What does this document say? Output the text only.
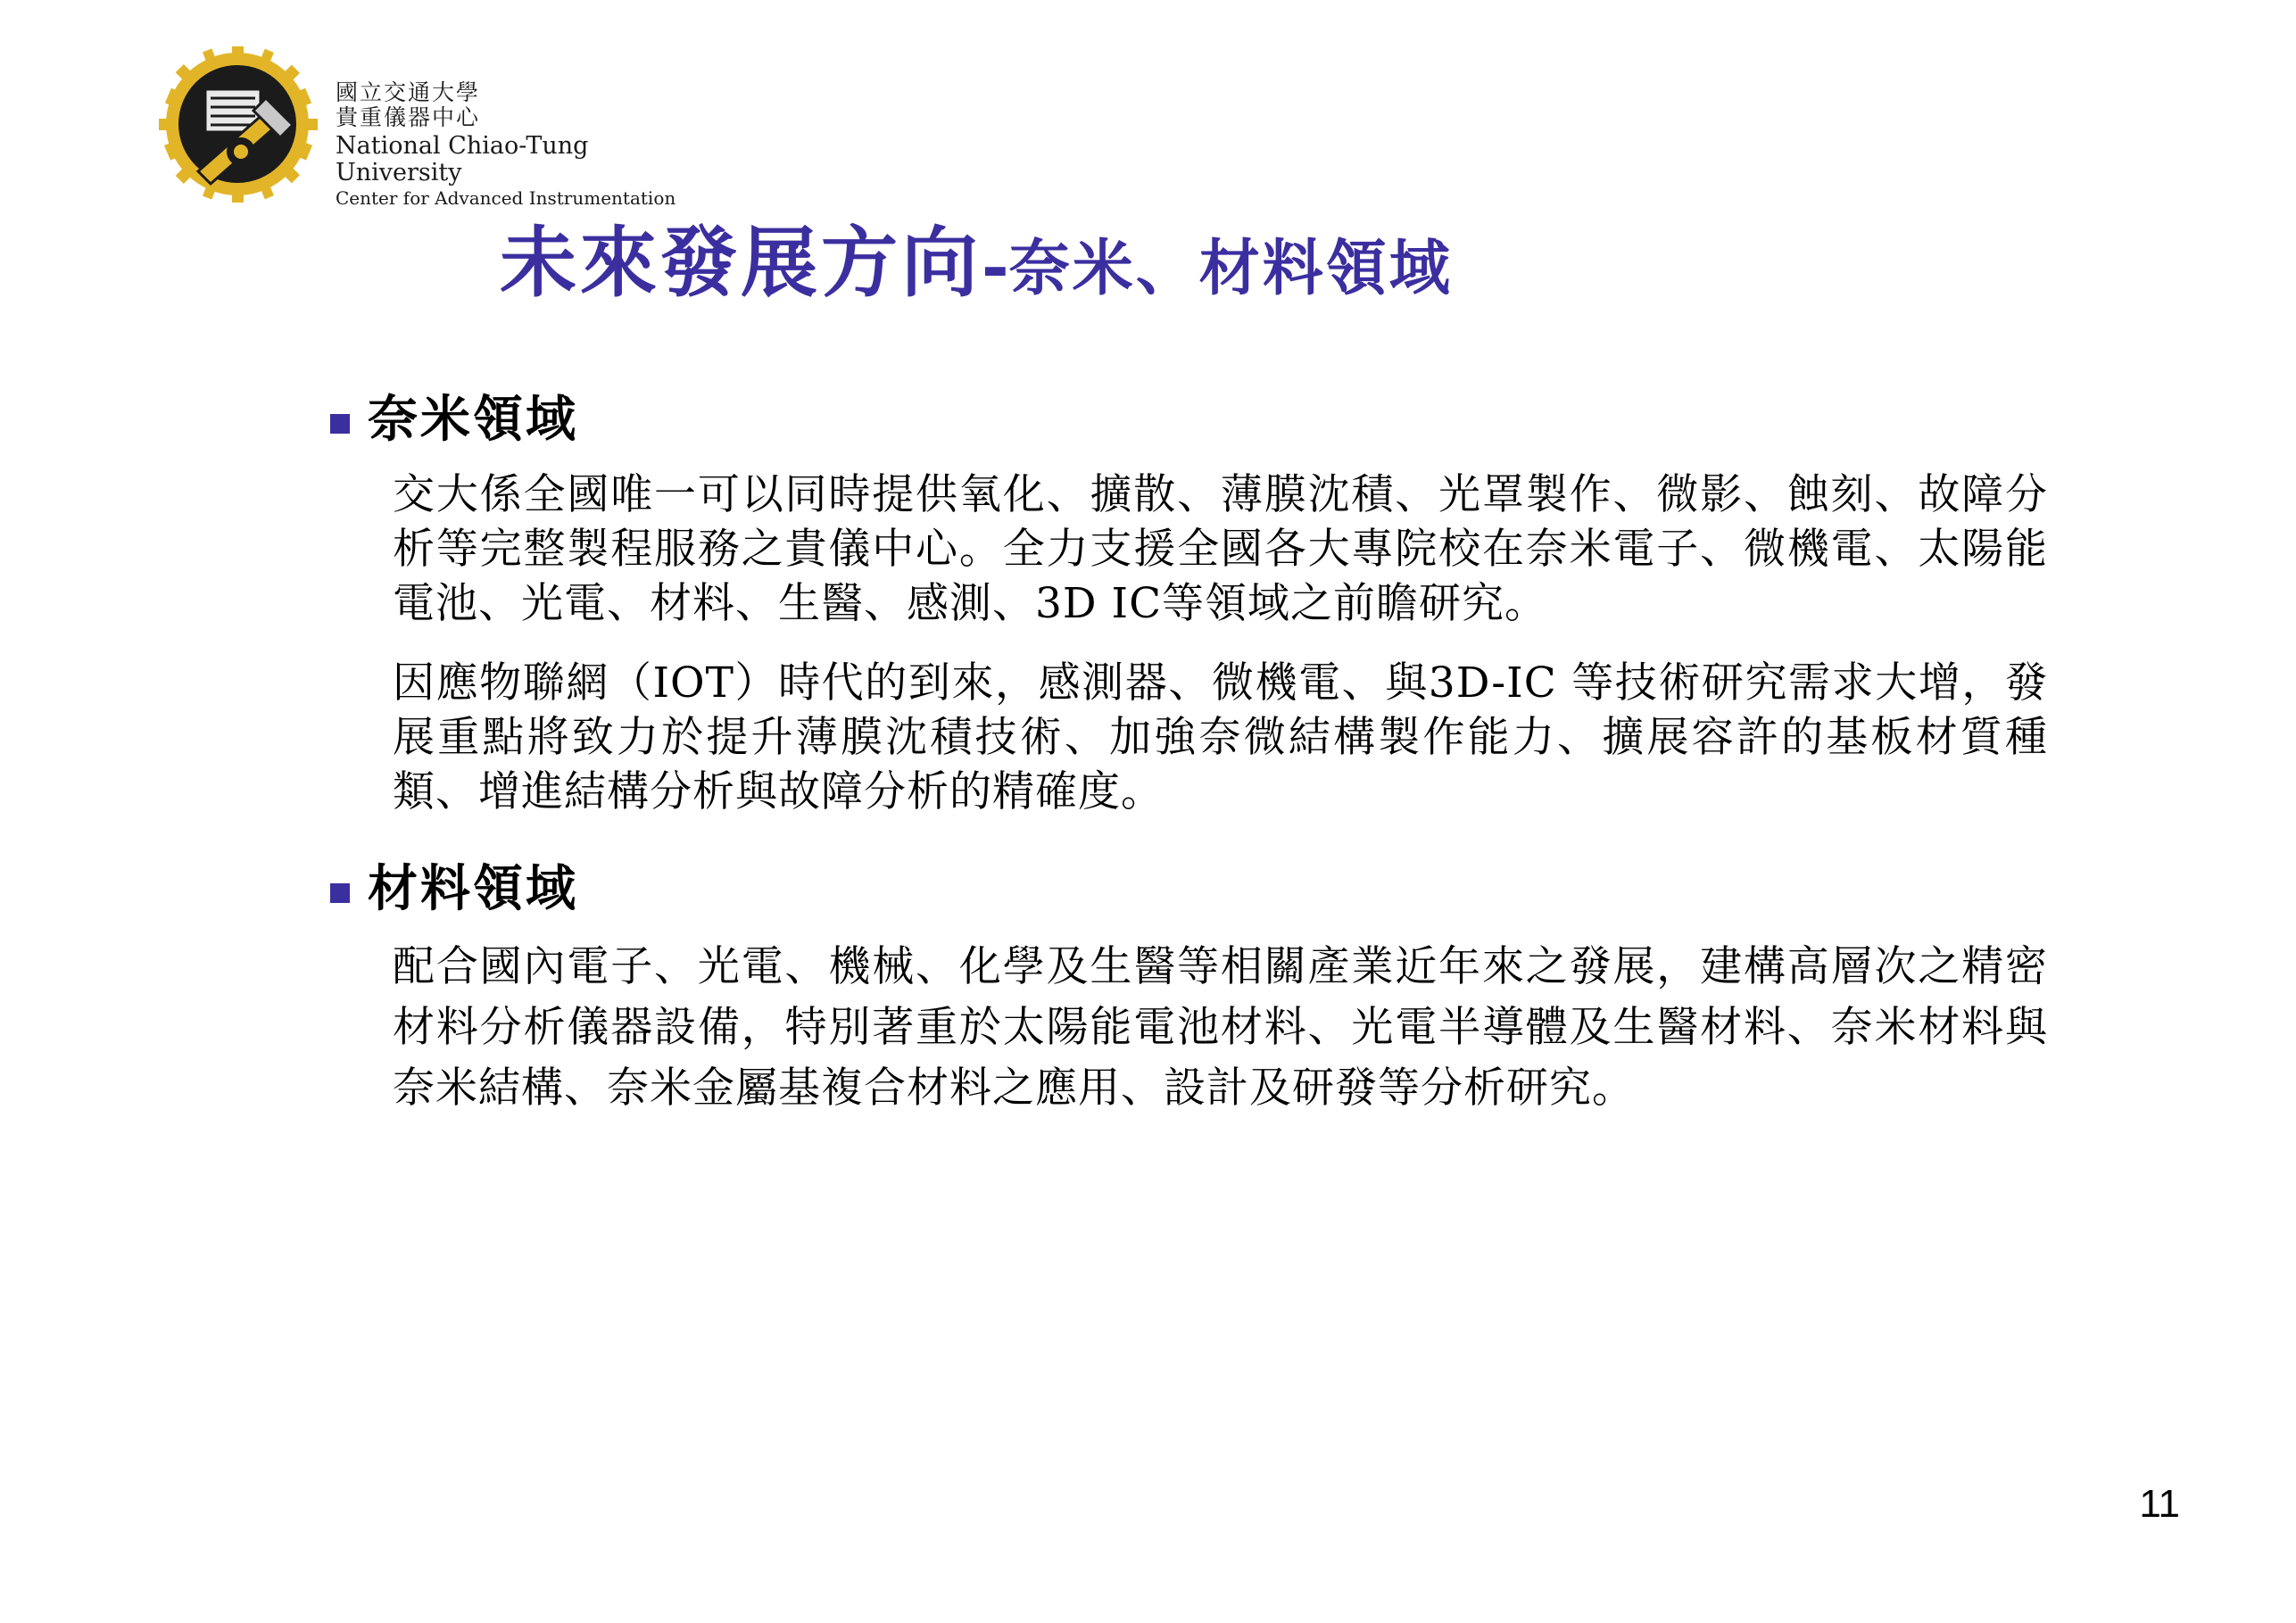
國立交通大學
貴重儀器中心
National Chiao-Tung University
Center for Advanced Instrumentation
未來發展方向-奈米、材料領域
奈米領域

交大係全國唯一可以同時提供氧化、擴散、薄膜沈積、光罩製作、微影、蝕刻、故障分析等完整製程服務之貴儀中心。全力支援全國各大專院校在奈米電子、微機電、太陽能電池、光電、材料、生醫、感測、3D IC等領域之前瞻研究。

因應物聯網（IOT）時代的到來，感測器、微機電、與3D-IC 等技術研究需求大增，發展重點將致力於提升薄膜沈積技術、加強奈微結構製作能力、擴展容許的基板材質種類、增進結構分析與故障分析的精確度。

材料領域

配合國內電子、光電、機械、化學及生醫等相關產業近年來之發展，建構高層次之精密材料分析儀器設備，特別著重於太陽能電池材料、光電半導體及生醫材料、奈米材料與奈米結構、奈米金屬基複合材料之應用、設計及研發等分析研究。

11
